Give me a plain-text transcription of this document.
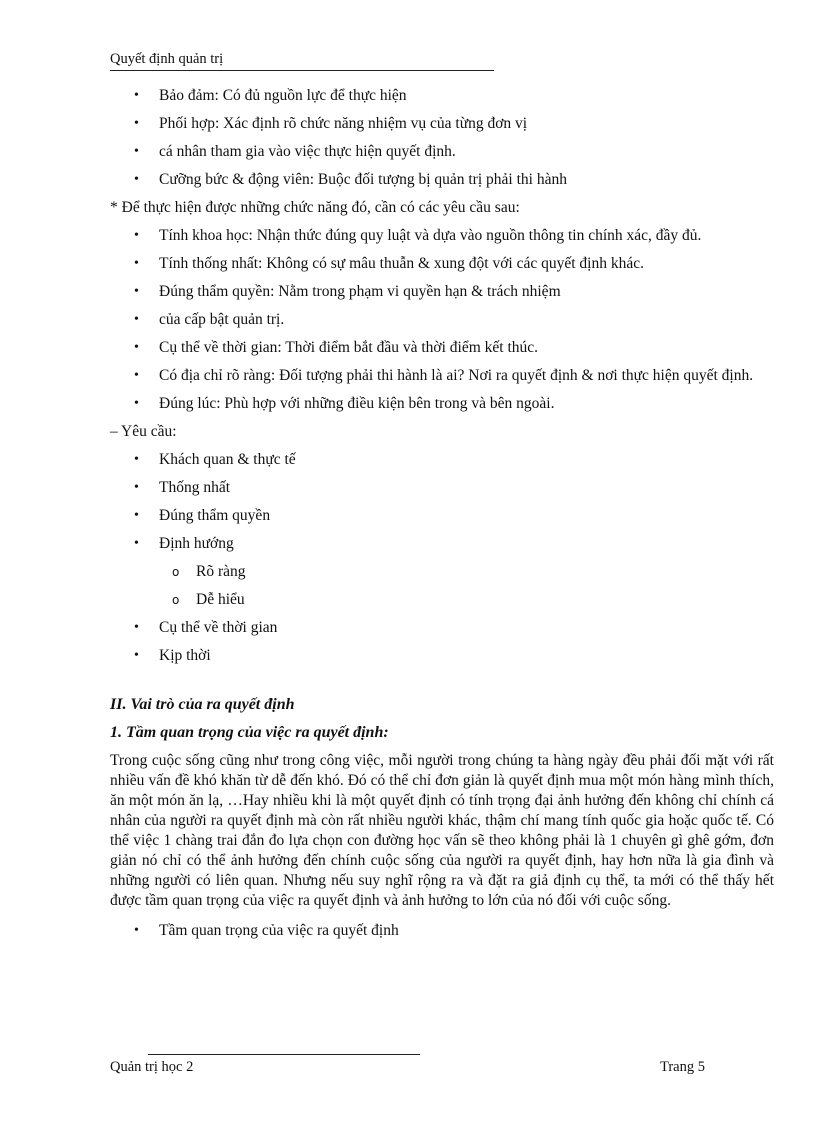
Quyết định quản trị
•	Bảo đảm: Có đủ nguồn lực để thực hiện
•	Phối hợp: Xác định rõ chức năng nhiệm vụ của từng đơn vị
•	cá nhân tham gia vào việc thực hiện quyết định.
•	Cưỡng bức & động viên: Buộc đối tượng bị quản trị phải thi hành
* Để thực hiện được những chức năng đó, cần có các yêu cầu sau:
•	Tính khoa học: Nhận thức đúng quy luật và dựa vào nguồn thông tin chính xác, đầy đủ.
•	Tính thống nhất: Không có sự mâu thuẫn & xung đột với các quyết định khác.
•	Đúng thẩm quyền: Nằm trong phạm vi quyền hạn & trách nhiệm
•	của cấp bật quản trị.
•	Cụ thể về thời gian: Thời điểm bắt đầu và thời điểm kết thúc.
•	Có địa chỉ rõ ràng: Đối tượng phải thi hành là ai? Nơi ra quyết định & nơi thực hiện quyết định.
•	Đúng lúc: Phù hợp với những điều kiện bên trong và bên ngoài.
– Yêu cầu:
•	Khách quan & thực tế
•	Thống nhất
•	Đúng thẩm quyền
•	Định hướng
o Rõ ràng
o Dễ hiểu
•	Cụ thể về thời gian
•	Kịp thời
II. Vai trò của ra quyết định
1. Tầm quan trọng của việc ra quyết định:

Trong cuộc sống cũng như trong công việc, mỗi người trong chúng ta hàng ngày đều phải đối mặt với rất nhiều vấn đề khó khăn từ dễ đến khó. Đó có thể chỉ đơn giản là quyết định mua một món hàng mình thích, ăn một món ăn lạ, …Hay nhiều khi là một quyết định có tính trọng đại ảnh hưởng đến không chỉ chính cá nhân của người ra quyết định mà còn rất nhiều người khác, thậm chí mang tính quốc gia hoặc quốc tế. Có thể việc 1 chàng trai đắn đo lựa chọn con đường học vấn sẽ theo không phải là 1 chuyên gì ghê gớm, đơn giản nó chỉ có thể ảnh hưởng đến chính cuộc sống của người ra quyết định, hay hơn nữa là gia đình và những người có liên quan. Nhưng nếu suy nghĩ rộng ra và đặt ra giả định cụ thể, ta mới có thể thấy hết được tầm quan trọng của việc ra quyết định và ảnh hưởng to lớn của nó đối với cuộc sống.

•	Tầm quan trọng của việc ra quyết định
Quản trị học 2	Trang 5
